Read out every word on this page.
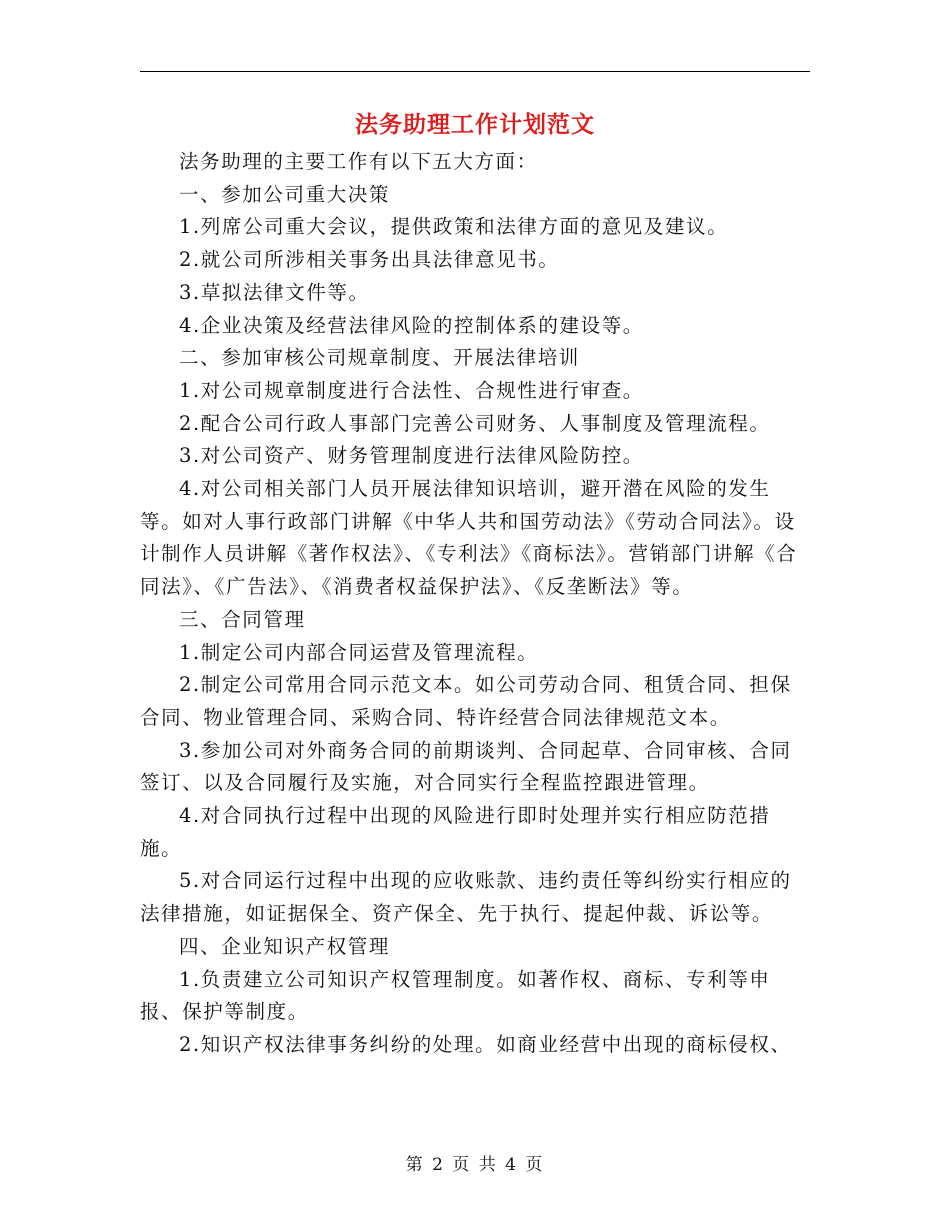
法务助理工作计划范文

法务助理的主要工作有以下五大方面：

一、参加公司重大决策

1.列席公司重大会议，提供政策和法律方面的意见及建议。

2.就公司所涉相关事务出具法律意见书。

3.草拟法律文件等。

4.企业决策及经营法律风险的控制体系的建设等。

二、参加审核公司规章制度、开展法律培训

1.对公司规章制度进行合法性、合规性进行审查。

2.配合公司行政人事部门完善公司财务、人事制度及管理流程。

3.对公司资产、财务管理制度进行法律风险防控。

4.对公司相关部门人员开展法律知识培训，避开潜在风险的发生等。如对人事行政部门讲解《中华人共和国劳动法》《劳动合同法》。设计制作人员讲解《著作权法》、《专利法》《商标法》。营销部门讲解《合同法》、《广告法》、《消费者权益保护法》、《反垄断法》等。

三、合同管理

1.制定公司内部合同运营及管理流程。

2.制定公司常用合同示范文本。如公司劳动合同、租赁合同、担保合同、物业管理合同、采购合同、特许经营合同法律规范文本。

3.参加公司对外商务合同的前期谈判、合同起草、合同审核、合同签订、以及合同履行及实施，对合同实行全程监控跟进管理。

4.对合同执行过程中出现的风险进行即时处理并实行相应防范措施。

5.对合同运行过程中出现的应收账款、违约责任等纠纷实行相应的法律措施，如证据保全、资产保全、先于执行、提起仲裁、诉讼等。

四、企业知识产权管理

1.负责建立公司知识产权管理制度。如著作权、商标、专利等申报、保护等制度。

2.知识产权法律事务纠纷的处理。如商业经营中出现的商标侵权、

第 2 页 共 4 页
